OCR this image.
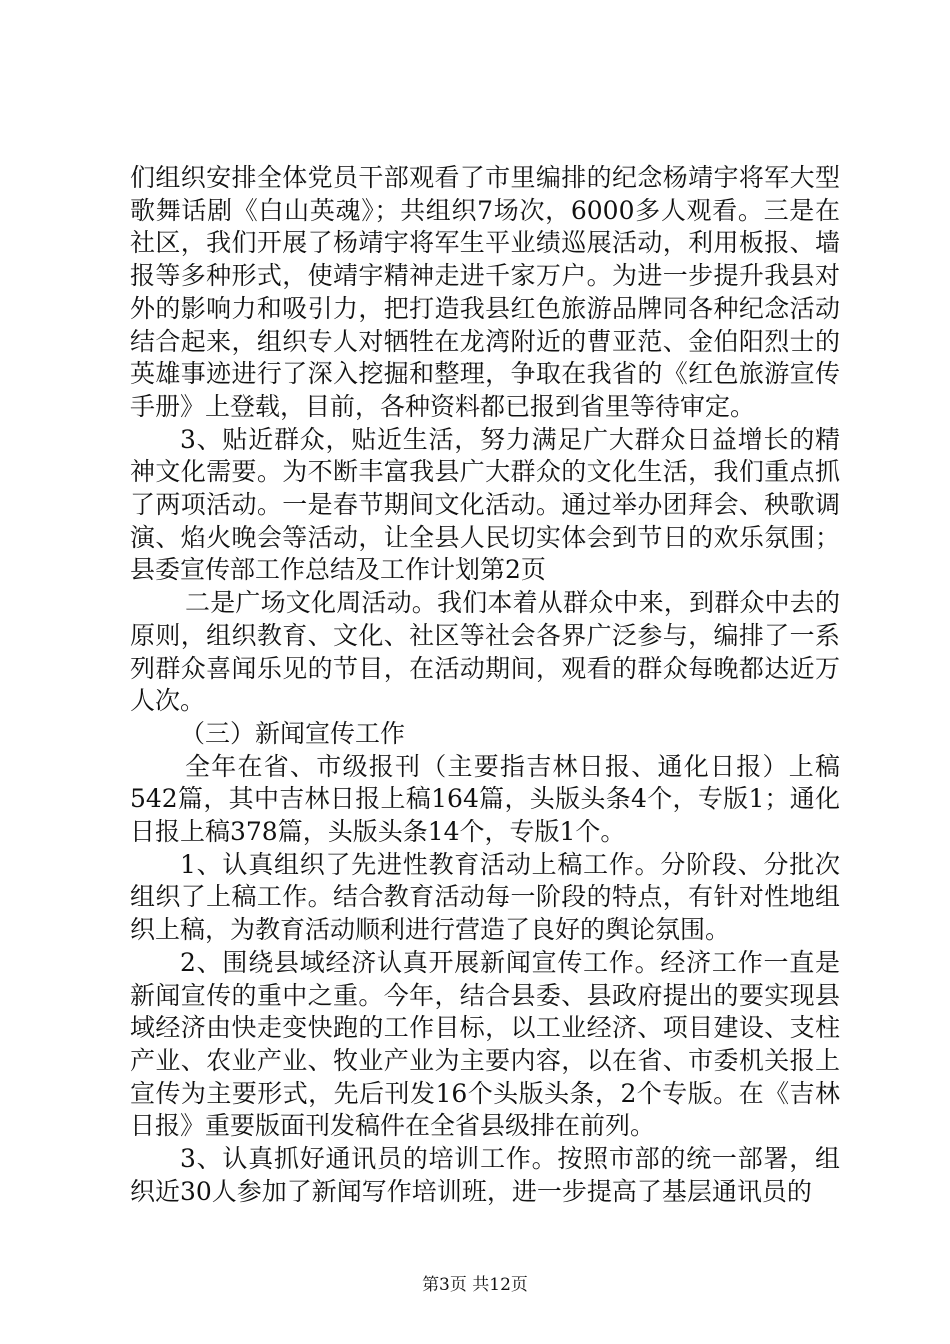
们组织安排全体党员干部观看了市里编排的纪念杨靖宇将军大型歌舞话剧《白山英魂》；共组织7场次，6000多人观看。三是在社区，我们开展了杨靖宇将军生平业绩巡展活动，利用板报、墙报等多种形式，使靖宇精神走进千家万户。为进一步提升我县对外的影响力和吸引力，把打造我县红色旅游品牌同各种纪念活动结合起来，组织专人对牺牲在龙湾附近的曹亚范、金伯阳烈士的英雄事迹进行了深入挖掘和整理，争取在我省的《红色旅游宣传手册》上登载，目前，各种资料都已报到省里等待审定。

3、贴近群众，贴近生活，努力满足广大群众日益增长的精神文化需要。为不断丰富我县广大群众的文化生活，我们重点抓了两项活动。一是春节期间文化活动。通过举办团拜会、秧歌调演、焰火晚会等活动，让全县人民切实体会到节日的欢乐氛围；县委宣传部工作总结及工作计划第2页

二是广场文化周活动。我们本着从群众中来，到群众中去的原则，组织教育、文化、社区等社会各界广泛参与，编排了一系列群众喜闻乐见的节目，在活动期间，观看的群众每晚都达近万人次。

（三）新闻宣传工作

全年在省、市级报刊（主要指吉林日报、通化日报）上稿542篇，其中吉林日报上稿164篇，头版头条4个，专版1；通化日报上稿378篇，头版头条14个，专版1个。

1、认真组织了先进性教育活动上稿工作。分阶段、分批次组织了上稿工作。结合教育活动每一阶段的特点，有针对性地组织上稿，为教育活动顺利进行营造了良好的舆论氛围。

2、围绕县域经济认真开展新闻宣传工作。经济工作一直是新闻宣传的重中之重。今年，结合县委、县政府提出的要实现县域经济由快走变快跑的工作目标，以工业经济、项目建设、支柱产业、农业产业、牧业产业为主要内容，以在省、市委机关报上宣传为主要形式，先后刊发16个头版头条，2个专版。在《吉林日报》重要版面刊发稿件在全省县级排在前列。

3、认真抓好通讯员的培训工作。按照市部的统一部署，组织近30人参加了新闻写作培训班，进一步提高了基层通讯员的

第3页 共12页
